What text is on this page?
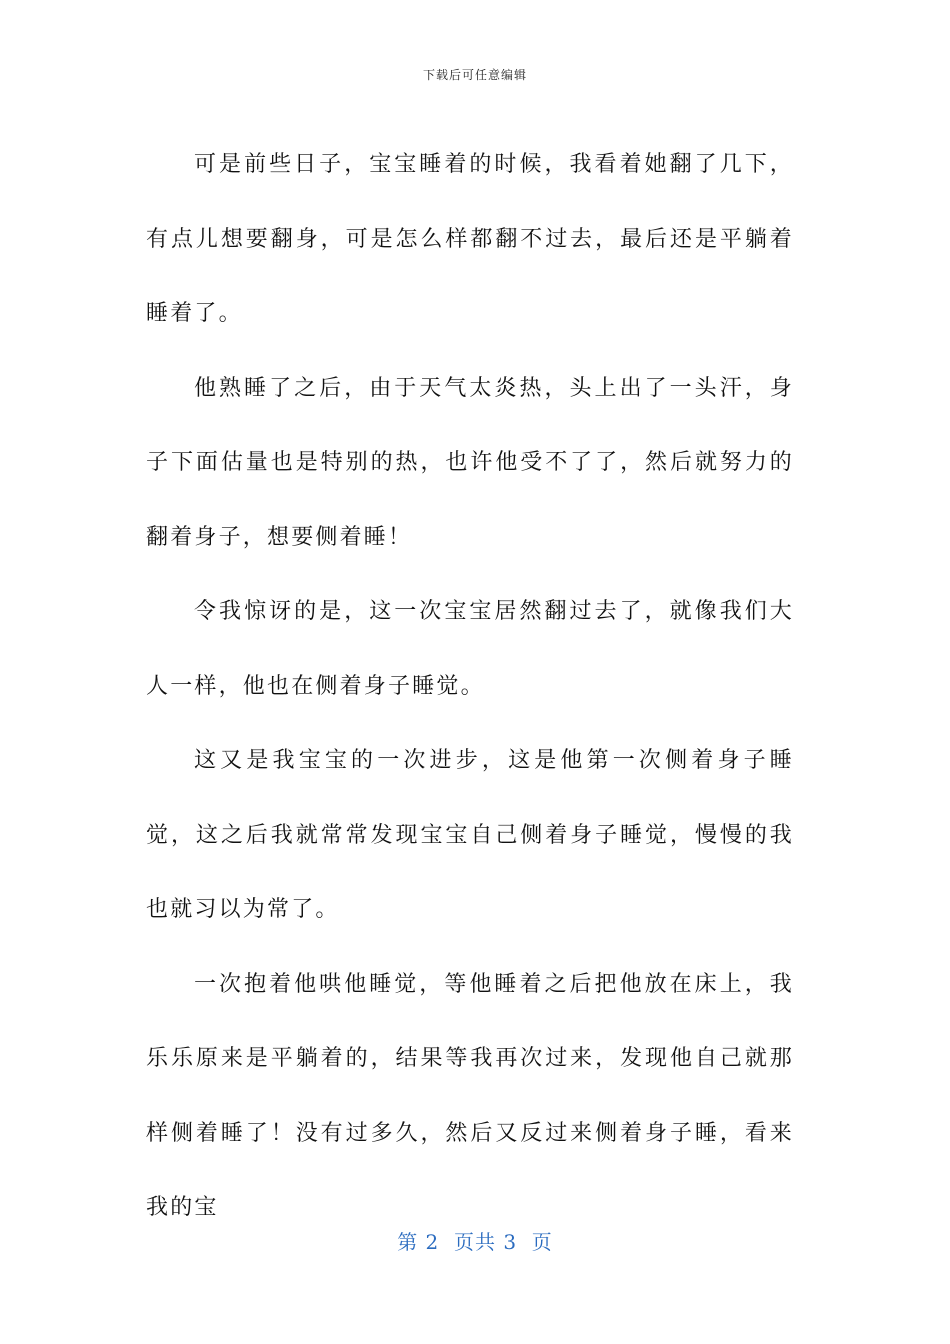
下载后可任意编辑

可是前些日子，宝宝睡着的时候，我看着她翻了几下，有点儿想要翻身，可是怎么样都翻不过去，最后还是平躺着睡着了。

他熟睡了之后，由于天气太炎热，头上出了一头汗，身子下面估量也是特别的热，也许他受不了了，然后就努力的翻着身子，想要侧着睡！

令我惊讶的是，这一次宝宝居然翻过去了，就像我们大人一样，他也在侧着身子睡觉。

这又是我宝宝的一次进步，这是他第一次侧着身子睡觉，这之后我就常常发现宝宝自己侧着身子睡觉，慢慢的我也就习以为常了。

一次抱着他哄他睡觉，等他睡着之后把他放在床上，我乐乐原来是平躺着的，结果等我再次过来，发现他自己就那样侧着睡了！没有过多久，然后又反过来侧着身子睡，看来我的宝

第 2  页共 3  页
